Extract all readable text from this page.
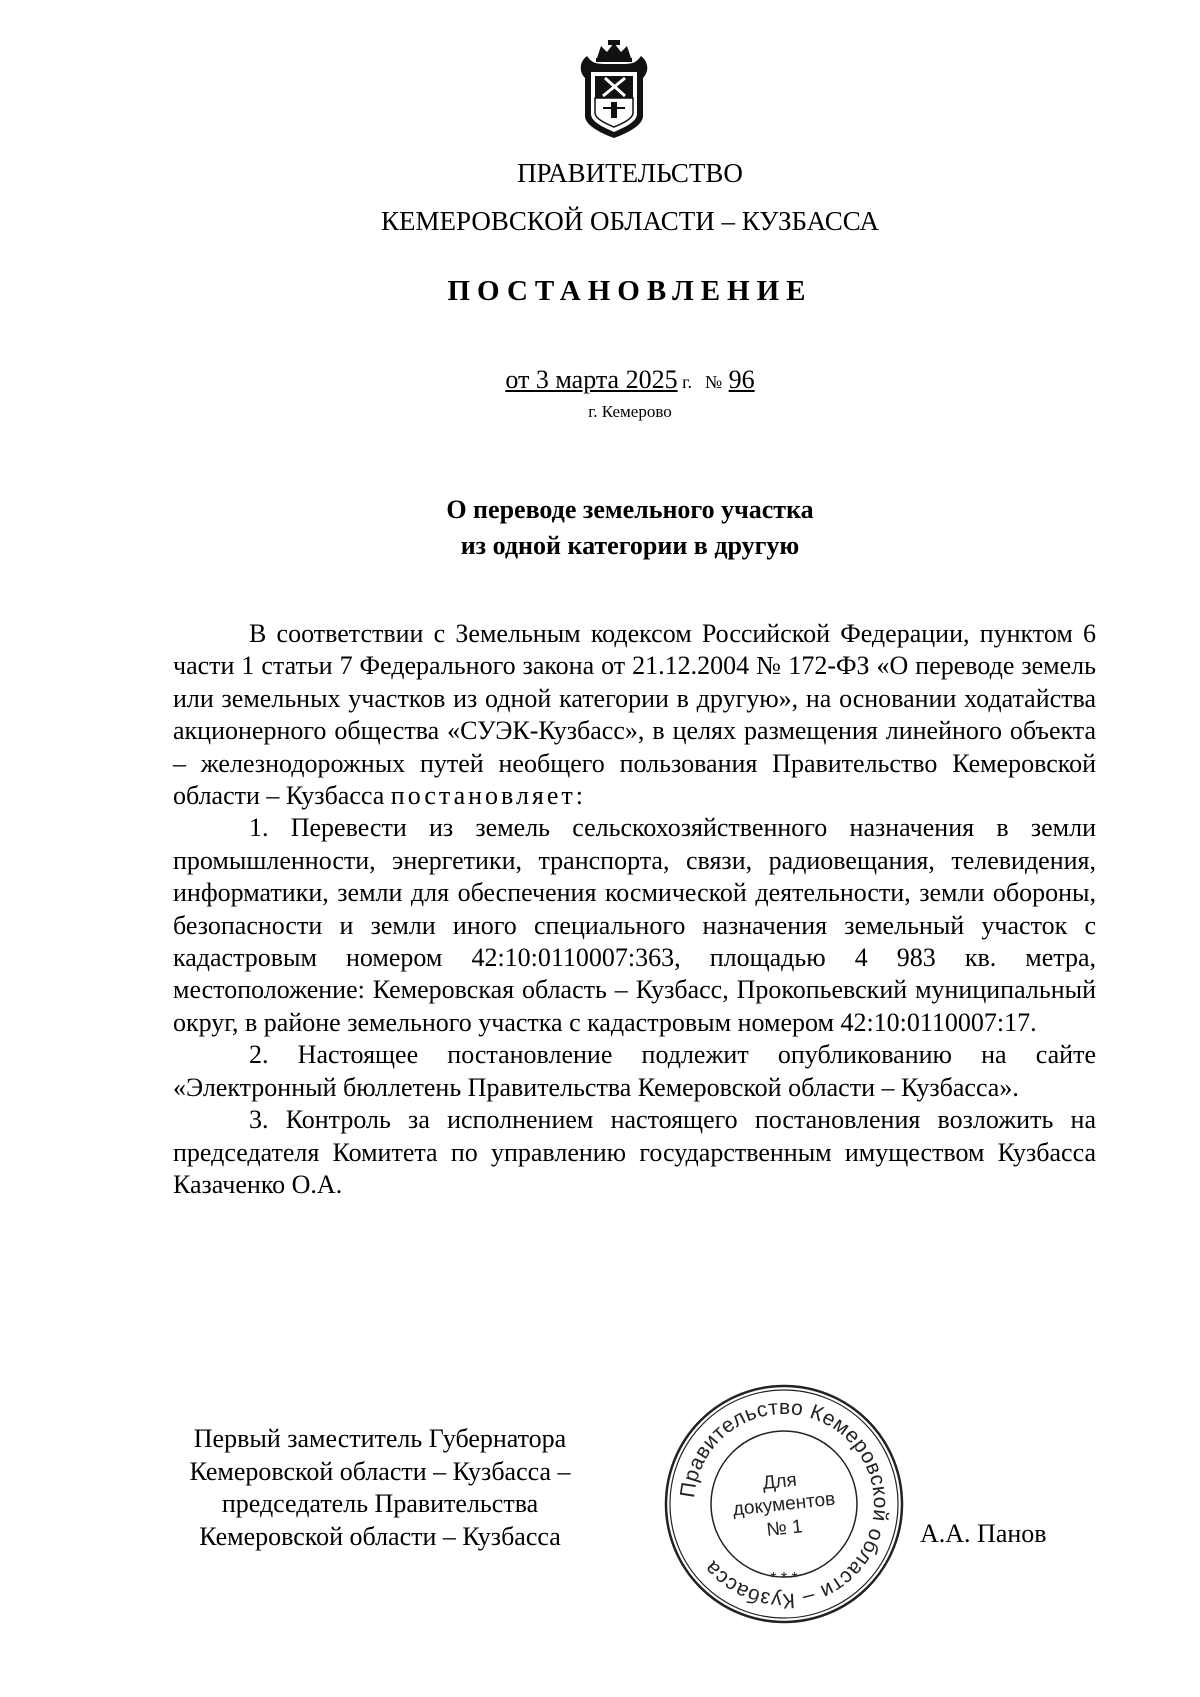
ПРАВИТЕЛЬСТВО
КЕМЕРОВСКОЙ ОБЛАСТИ – КУЗБАССА
ПОСТАНОВЛЕНИЕ
от 3 марта 2025 г. № 96
г. Кемерово
О переводе земельного участка
из одной категории в другую

В соответствии с Земельным кодексом Российской Федерации, пунктом 6 части 1 статьи 7 Федерального закона от 21.12.2004 № 172-ФЗ «О переводе земель или земельных участков из одной категории в другую», на основании ходатайства акционерного общества «СУЭК-Кузбасс», в целях размещения линейного объекта – железнодорожных путей необщего пользования Правительство Кемеровской области – Кузбасса постановляет:

1. Перевести из земель сельскохозяйственного назначения в земли промышленности, энергетики, транспорта, связи, радиовещания, телевидения, информатики, земли для обеспечения космической деятельности, земли обороны, безопасности и земли иного специального назначения земельный участок с кадастровым номером 42:10:0110007:363, площадью 4 983 кв. метра, местоположение: Кемеровская область – Кузбасс, Прокопьевский муниципальный округ, в районе земельного участка с кадастровым номером 42:10:0110007:17.

2. Настоящее постановление подлежит опубликованию на сайте «Электронный бюллетень Правительства Кемеровской области – Кузбасса».

3. Контроль за исполнением настоящего постановления возложить на председателя Комитета по управлению государственным имуществом Кузбасса Казаченко О.А.

Первый заместитель Губернатора
Кемеровской области – Кузбасса –
председатель Правительства
Кемеровской области – Кузбасса
Правительство Кемеровской области – Кузбасса	* * *
Для
документов
№ 1	А.А. Панов
